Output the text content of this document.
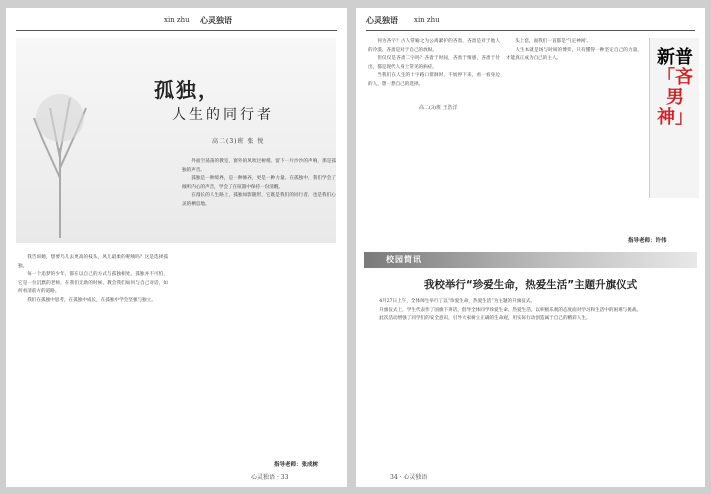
xin zhu 心灵独语
孤独，
人生的同行者
高二(3)班 张 悦

我告诉她，想要鸟儿去更高的枝头，风儿最柔的呢喃吗？这是选择孤独。

每一个追梦的少年，都在以自己的方式与孤独相处。孤独并不可怕，它是一位沉默的老师，在我们无助的时候，教会我们如何与自己对话，如何看清前方的道路。

我们在孤独中思考，在孤独中成长，在孤独中学会坚强与独立。

外面空荡荡的教室，窗外的风吹过树梢，留下一片沙沙的声响，那是孤独的声音。

孤独是一种境界，是一种修养，更是一种力量。在孤独中，我们学会了倾听内心的声音，学会了在喧嚣中保持一份清醒。

在漫长的人生路上，孤独如影随形，它既是我们的同行者，也是我们心灵的栖息地。

指导老师：张成树
心灵独语 · 33
心灵独语 xin zhu

何为吝字？古人常喻之为公鸡紧护的吝啬，吝啬是对于他人的冷漠，吝啬是对于自己的放纵。

但仅仅是吝啬二字吗？吝啬于时间，吝啬于情感，吝啬于付出，都是现代人身上常见的病症。

当我们在人生的十字路口徘徊时，不妨停下来，看一看身边的人，想一想自己的选择。

头上套，面我们一直都是'气定神闲'。

人生本就是场与时间的博弈，只有懂得一种坚定自己的力量，才能真正成为自己的主人。	新普
「吝男神」
高二(3)班 王浩洋
指导老师：许伟
校园简讯
我校举行“珍爱生命，热爱生活”主题升旗仪式

4月27日上午，全体师生举行了以“珍爱生命，热爱生活”为主题的升旗仪式。

升旗仪式上，学生代表作了国旗下讲话，倡导全体同学珍爱生命、热爱生活，以积极乐观的态度面对学习和生活中的困难与挑战。

此次活动增强了同学们的安全意识，引导大家树立正确的生命观，用实际行动创造属于自己的精彩人生。

34 · 心灵独语
